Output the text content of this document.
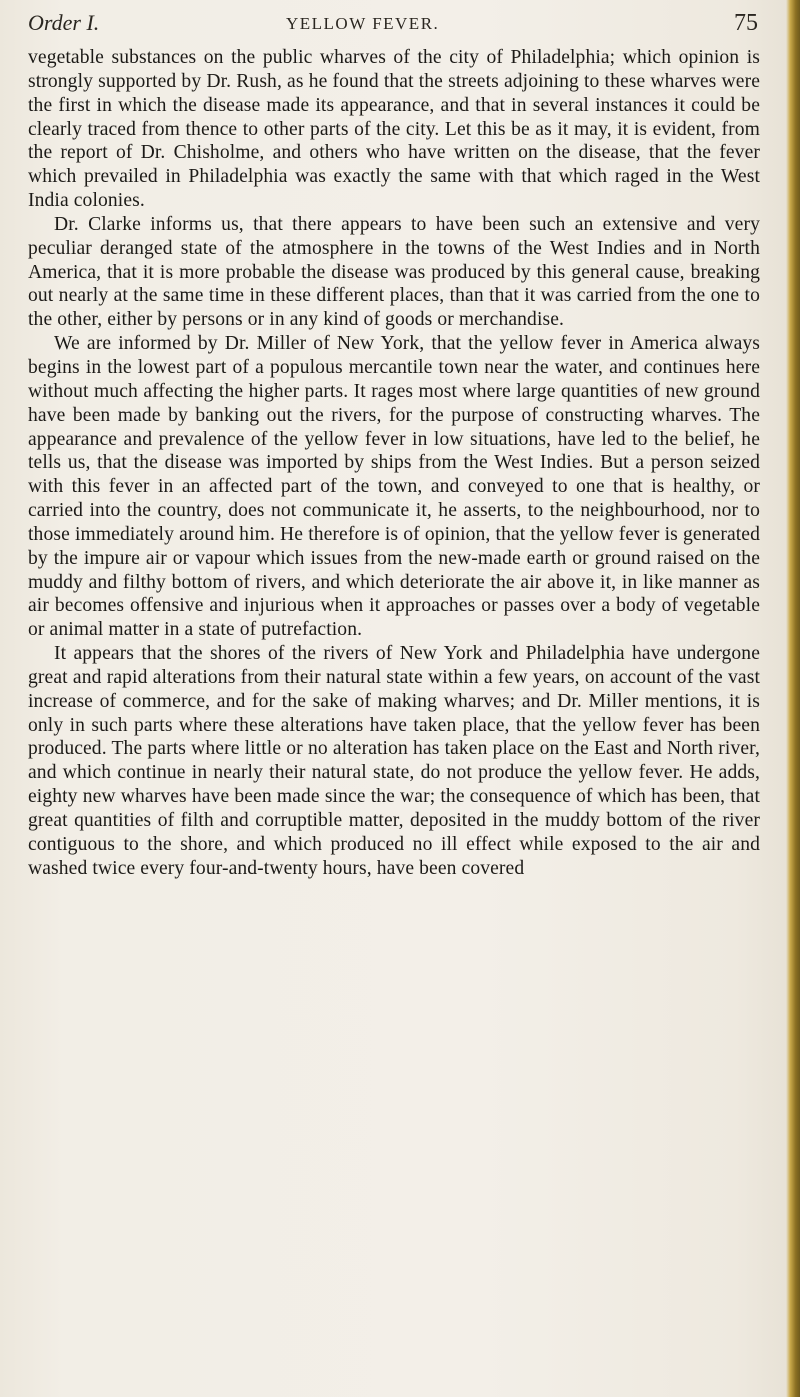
Order I.	YELLOW FEVER.	75

vegetable substances on the public wharves of the city of Philadelphia; which opinion is strongly supported by Dr. Rush, as he found that the streets adjoining to these wharves were the first in which the disease made its appearance, and that in several instances it could be clearly traced from thence to other parts of the city. Let this be as it may, it is evident, from the report of Dr. Chisholme, and others who have written on the disease, that the fever which prevailed in Philadelphia was exactly the same with that which raged in the West India colonies.

Dr. Clarke informs us, that there appears to have been such an extensive and very peculiar deranged state of the atmosphere in the towns of the West Indies and in North America, that it is more probable the disease was produced by this general cause, breaking out nearly at the same time in these different places, than that it was carried from the one to the other, either by persons or in any kind of goods or merchandise.

We are informed by Dr. Miller of New York, that the yellow fever in America always begins in the lowest part of a populous mercantile town near the water, and continues here without much affecting the higher parts. It rages most where large quantities of new ground have been made by banking out the rivers, for the purpose of constructing wharves. The appearance and prevalence of the yellow fever in low situations, have led to the belief, he tells us, that the disease was imported by ships from the West Indies. But a person seized with this fever in an affected part of the town, and conveyed to one that is healthy, or carried into the country, does not communicate it, he asserts, to the neighbourhood, nor to those immediately around him. He therefore is of opinion, that the yellow fever is generated by the impure air or vapour which issues from the new-made earth or ground raised on the muddy and filthy bottom of rivers, and which deteriorate the air above it, in like manner as air becomes offensive and injurious when it approaches or passes over a body of vegetable or animal matter in a state of putrefaction.

It appears that the shores of the rivers of New York and Philadelphia have undergone great and rapid alterations from their natural state within a few years, on account of the vast increase of commerce, and for the sake of making wharves; and Dr. Miller mentions, it is only in such parts where these alterations have taken place, that the yellow fever has been produced. The parts where little or no alteration has taken place on the East and North river, and which continue in nearly their natural state, do not produce the yellow fever. He adds, eighty new wharves have been made since the war; the consequence of which has been, that great quantities of filth and corruptible matter, deposited in the muddy bottom of the river contiguous to the shore, and which produced no ill effect while exposed to the air and washed twice every four-and-twenty hours, have been covered
